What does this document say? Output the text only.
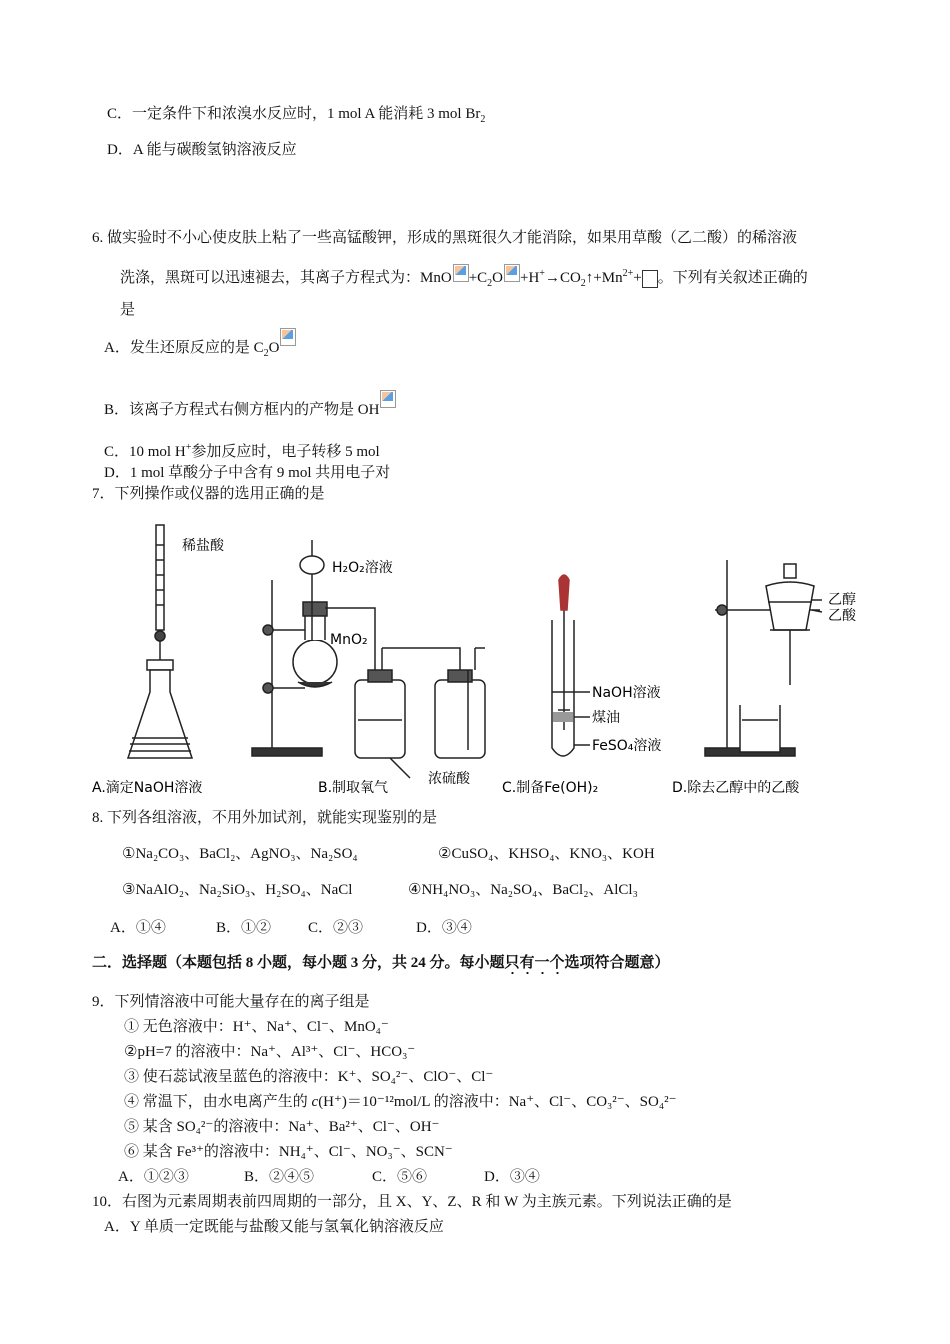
C．一定条件下和浓溴水反应时，1 mol A 能消耗 3 mol $Br_2$
D．A 能与碳酸氢钠溶液反应
6. 做实验时不小心使皮肤上粘了一些高锰酸钾，形成的黑斑很久才能消除，如果用草酸（乙二酸）的稀溶液
洗涤，黑斑可以迅速褪去，其离子方程式为：MnO $+C_2O$ $+H^+\to CO_2↑+Mn^{2+}+$ 。下列有关叙述正确的
是
A．发生还原反应的是 $C_2O$
B．该离子方程式右侧方框内的产物是 OH
C．10 mol H+参加反应时，电子转移 5 mol
D．1 mol 草酸分子中含有 9 mol 共用电子对
7．下列操作或仪器的选用正确的是
稀盐酸
H₂O₂溶液
MnO₂
浓硫酸
NaOH溶液
煤油
FeSO₄溶液
乙醇
乙酸
A.滴定NaOH溶液	B.制取氧气	C.制备Fe(OH)₂	D.除去乙醇中的乙酸
8. 下列各组溶液，不用外加试剂，就能实现鉴别的是
①Na₂CO₃、BaCl₂、AgNO₃、Na₂SO₄	②CuSO₄、KHSO₄、KNO₃、KOH
③NaAlO₂、Na₂SiO₃、H₂SO₄、NaCl	④NH₄NO₃、Na₂SO₄、BaCl₂、AlCl₃
A．①④	B．①② C．②③	D．③④
二．选择题（本题包括 8 小题，每小题 3 分，共 24 分。每小题只有一个选项符合题意）
9．下列情溶液中可能大量存在的离子组是
① 无色溶液中：H⁺、Na⁺、Cl⁻、MnO₄⁻
②pH=7 的溶液中：Na⁺、Al³⁺、Cl⁻、HCO₃⁻
③ 使石蕊试液呈蓝色的溶液中：K⁺、SO₄²⁻、ClO⁻、Cl⁻
④ 常温下，由水电离产生的 c(H⁺)＝10⁻¹²mol/L 的溶液中：Na⁺、Cl⁻、CO₃²⁻、SO₄²⁻
⑤ 某含 SO₄²⁻的溶液中：Na⁺、Ba²⁺、Cl⁻、OH⁻
⑥ 某含 Fe³⁺的溶液中：NH₄⁺、Cl⁻、NO₃⁻、SCN⁻
A．①②③	B．②④⑤	C．⑤⑥	D．③④
10．右图为元素周期表前四周期的一部分，且 X、Y、Z、R 和 W 为主族元素。下列说法正确的是
A．Y 单质一定既能与盐酸又能与氢氧化钠溶液反应
